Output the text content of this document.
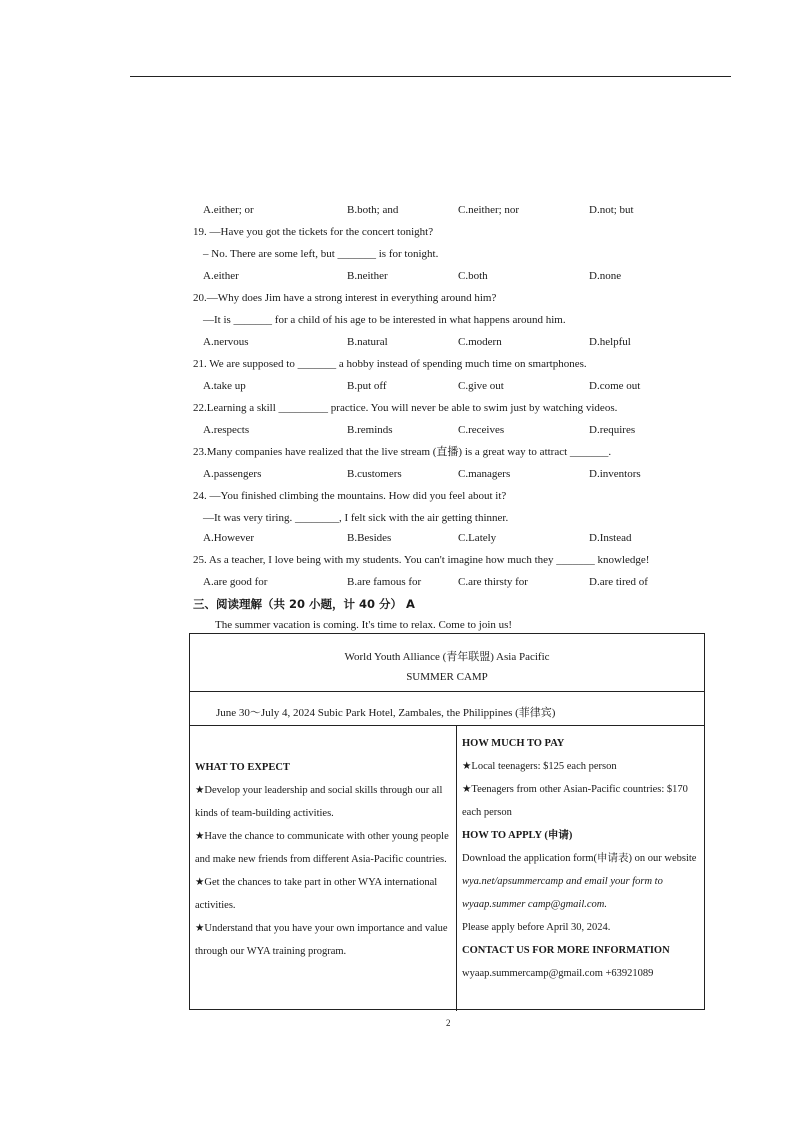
A.either; or	B.both; and	C.neither; nor	D.not; but
19. —Have you got the tickets for the concert tonight?
– No. There are some left, but _______ is for tonight.
A.either	B.neither	C.both	D.none
20.—Why does Jim have a strong interest in everything around him?
—It is _______ for a child of his age to be interested in what happens around him.
A.nervous	B.natural	C.modern	D.helpful
21. We are supposed to _______ a hobby instead of spending much time on smartphones.
A.take up	B.put off	C.give out	D.come out
22.Learning a skill _________ practice. You will never be able to swim just by watching videos.
A.respects	B.reminds	C.receives	D.requires
23.Many companies have realized that the live stream (直播) is a great way to attract _______.
A.passengers	B.customers	C.managers	D.inventors
24. —You finished climbing the mountains. How did you feel about it?
—It was very tiring. ________, I felt sick with the air getting thinner.
A.However	B.Besides	C.Lately	D.Instead
25. As a teacher, I love being with my students. You can't imagine how much they _______ knowledge!
A.are good for	B.are famous for	C.are thirsty for	D.are tired of
三、阅读理解（共 20 小题，计 40 分） A
The summer vacation is coming. It's time to relax. Come to join us!
World Youth Alliance (青年联盟) Asia Pacific
SUMMER CAMP
June 30～July 4, 2024 Subic Park Hotel, Zambales, the Philippines (菲律宾)
WHAT TO EXPECT
★Develop your leadership and social skills through our all kinds of team-building activities.
★Have the chance to communicate with other young people and make new friends from different Asia-Pacific countries.
★Get the chances to take part in other WYA international activities.
★Understand that you have your own importance and value through our WYA training program.
HOW MUCH TO PAY
★Local teenagers: $125 each person
★Teenagers from other Asian-Pacific countries: $170 each person
HOW TO APPLY (申请)
Download the application form(申请表) on our website
wya.net/apsummercamp and email your form to wyaap.summer camp@gmail.com.
Please apply before April 30, 2024.
CONTACT US FOR MORE INFORMATION
wyaap.summercamp@gmail.com +63921089
2
